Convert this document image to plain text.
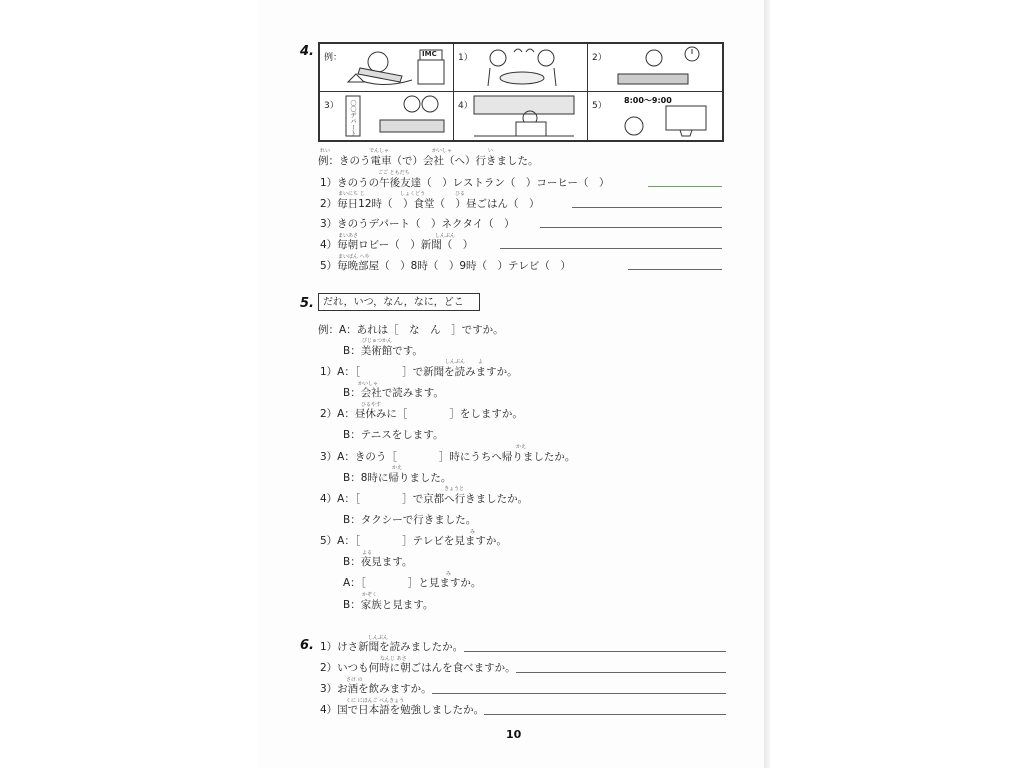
4. 例：	IMC 1）	2）
3） 〇〇デパート	4）	5）
8:00〜9:00
れい	でんしゃ	かいしゃ	い
例：きのう電車（で）会社（へ）行きました。
ごご ともだち
1）きのうの午後友達（　）レストラン（　）コーヒー（　）
まいにち じ	しょくどう	ひる
2）毎日12時（　）食堂（　）昼ごはん（　）
3）きのうデパート（　）ネクタイ（　）
まいあさ	しんぶん
4）毎朝ロビー（　）新聞（　）
まいばん へや
5）毎晩部屋（　）8時（　）9時（　）テレビ（　）
5. だれ，いつ，なん，なに，どこ
例：A：あれは［　な　ん　］ですか。
びじゅつかん
B：美術館です。
しんぶん	よ
1）A：［　　　　］で新聞を読みますか。
かいしゃ
B：会社で読みます。
ひるやす
2）A：昼休みに［　　　　］をしますか。
B：テニスをします。
かえ
3）A：きのう［　　　　］時にうちへ帰りましたか。
かえ
B：8時に帰りました。
きょうと
4）A：［　　　　］で京都へ行きましたか。
B：タクシーで行きました。
み
5）A：［　　　　］テレビを見ますか。
よる
B：夜見ます。
み
A：［　　　　］と見ますか。
かぞく
B：家族と見ます。
6.	しんぶん
1）けさ新聞を読みましたか。
なんじ あさ
2）いつも何時に朝ごはんを食べますか。
さけ の
3）お酒を飲みますか。
くに にほんご べんきょう
4）国で日本語を勉強しましたか。
10
